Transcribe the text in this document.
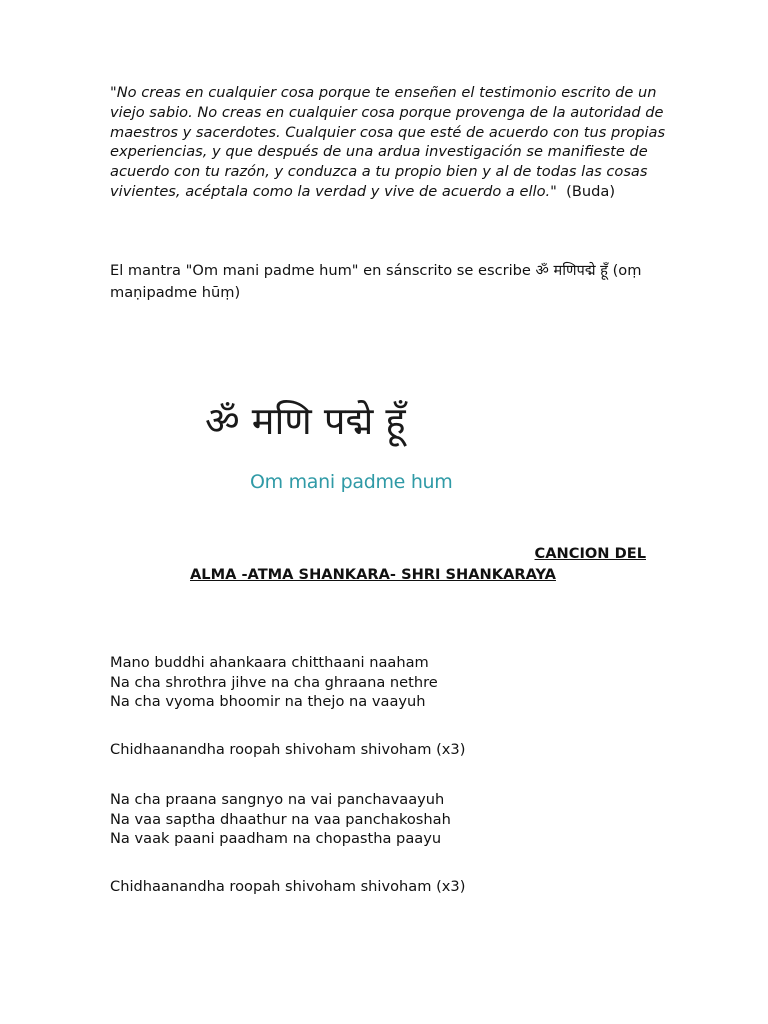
"No creas en cualquier cosa porque te enseñen el testimonio escrito de un viejo sabio. No creas en cualquier cosa porque provenga de la autoridad de maestros y sacerdotes. Cualquier cosa que esté de acuerdo con tus propias experiencias, y que después de una ardua investigación se manifieste de acuerdo con tu razón, y conduzca a tu propio bien y al de todas las cosas vivientes, acéptala como la verdad y vive de acuerdo a ello." (Buda)

El mantra "Om mani padme hum" en sánscrito se escribe ॐ मणिपद्मे हूँ (oṃ maṇipadme hūṃ)

ॐ मणि पद्मे हूँ
Om mani padme hum
CANCION DEL
ALMA -ATMA SHANKARA- SHRI SHANKARAYA

Mano buddhi ahankaara chitthaani naaham
Na cha shrothra jihve na cha ghraana nethre
Na cha vyoma bhoomir na thejo na vaayuh

Chidhaanandha roopah shivoham shivoham (x3)

Na cha praana sangnyo na vai panchavaayuh
Na vaa saptha dhaathur na vaa panchakoshah
Na vaak paani paadham na chopastha paayu

Chidhaanandha roopah shivoham shivoham (x3)
